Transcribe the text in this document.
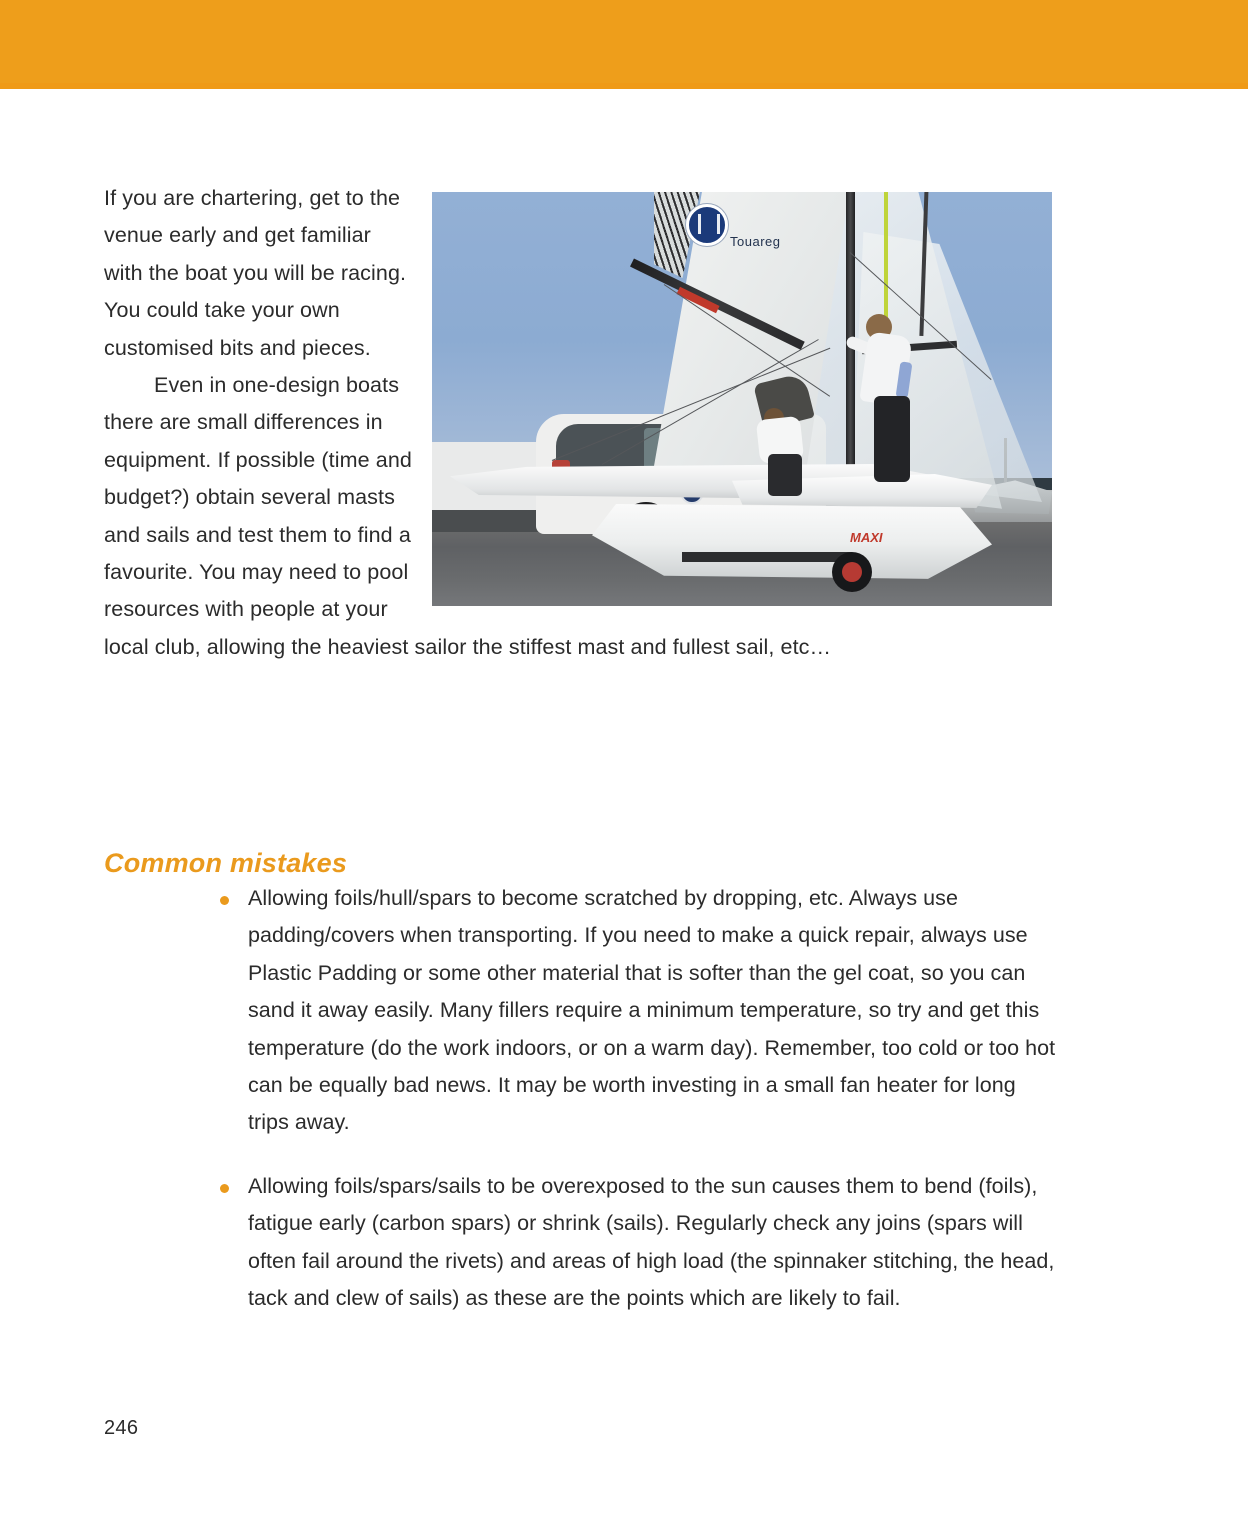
Touareg
MAXI

If you are chartering, get to the venue early and get familiar with the boat you will be racing. You could take your own customised bits and pieces.

Even in one-design boats there are small differences in equipment. If possible (time and budget?) obtain several masts and sails and test them to find a favourite. You may need to pool resources with people at your local club, allowing the heaviest sailor the stiffest mast and fullest sail, etc…

Common mistakes
Allowing foils/hull/spars to become scratched by dropping, etc. Always use padding/covers when transporting. If you need to make a quick repair, always use Plastic Padding or some other material that is softer than the gel coat, so you can sand it away easily. Many fillers require a minimum temperature, so try and get this temperature (do the work indoors, or on a warm day). Remember, too cold or too hot can be equally bad news. It may be worth investing in a small fan heater for long trips away.
Allowing foils/spars/sails to be overexposed to the sun causes them to bend (foils), fatigue early (carbon spars) or shrink (sails). Regularly check any joins (spars will often fail around the rivets) and areas of high load (the spinnaker stitching, the head, tack and clew of sails) as these are the points which are likely to fail.
246
